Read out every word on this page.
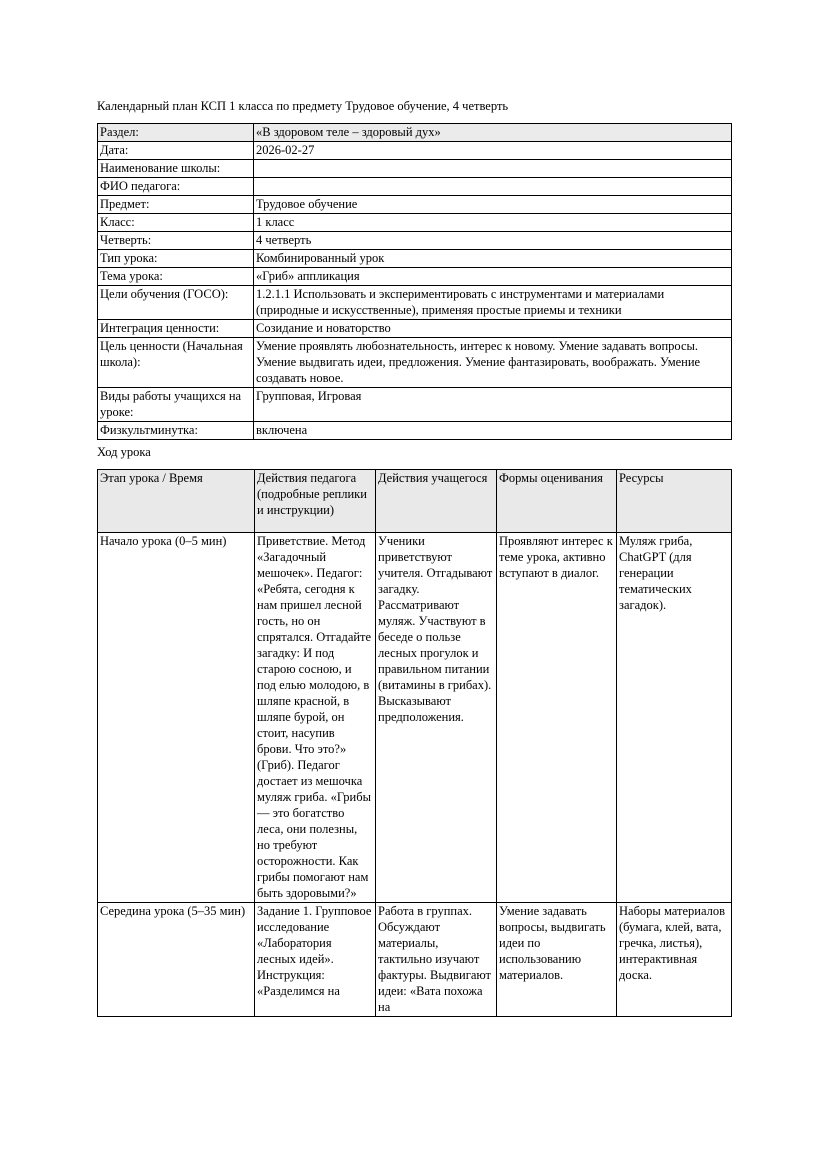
Календарный план КСП 1 класса по предмету Трудовое обучение, 4 четверть

Раздел:	«В здоровом теле – здоровый дух»
Дата:	2026-02-27
Наименование школы:	
ФИО педагога:	
Предмет:	Трудовое обучение
Класс:	1 класс
Четверть:	4 четверть
Тип урока:	Комбинированный урок
Тема урока:	«Гриб» аппликация
Цели обучения (ГОСО):	1.2.1.1 Использовать и экспериментировать с инструментами и материалами (природные и искусственные), применяя простые приемы и техники
Интеграция ценности:	Созидание и новаторство
Цель ценности (Начальная школа):	Умение проявлять любознательность, интерес к новому. Умение задавать вопросы. Умение выдвигать идеи, предложения. Умение фантазировать, воображать. Умение создавать новое.
Виды работы учащихся на уроке:	Групповая, Игровая
Физкультминутка:	включена

Ход урока

Этап урока / Время	Действия педагога (подробные реплики и инструкции)	Действия учащегося	Формы оценивания	Ресурсы
Начало урока (0–5 мин)	Приветствие. Метод «Загадочный мешочек». Педагог: «Ребята, сегодня к нам пришел лесной гость, но он спрятался. Отгадайте загадку: И под старою сосною, и под елью молодою, в шляпе красной, в шляпе бурой, он стоит, насупив брови. Что это?» (Гриб). Педагог достает из мешочка муляж гриба. «Грибы — это богатство леса, они полезны, но требуют осторожности. Как грибы помогают нам быть здоровыми?»	Ученики приветствуют учителя. Отгадывают загадку. Рассматривают муляж. Участвуют в беседе о пользе лесных прогулок и правильном питании (витамины в грибах). Высказывают предположения.	Проявляют интерес к теме урока, активно вступают в диалог.	Муляж гриба, ChatGPT (для генерации тематических загадок).
Середина урока (5–35 мин)	Задание 1. Групповое исследование «Лаборатория лесных идей». Инструкция: «Разделимся на	Работа в группах. Обсуждают материалы, тактильно изучают фактуры. Выдвигают идеи: «Вата похожа на	Умение задавать вопросы, выдвигать идеи по использованию материалов.	Наборы материалов (бумага, клей, вата, гречка, листья), интерактивная доска.
